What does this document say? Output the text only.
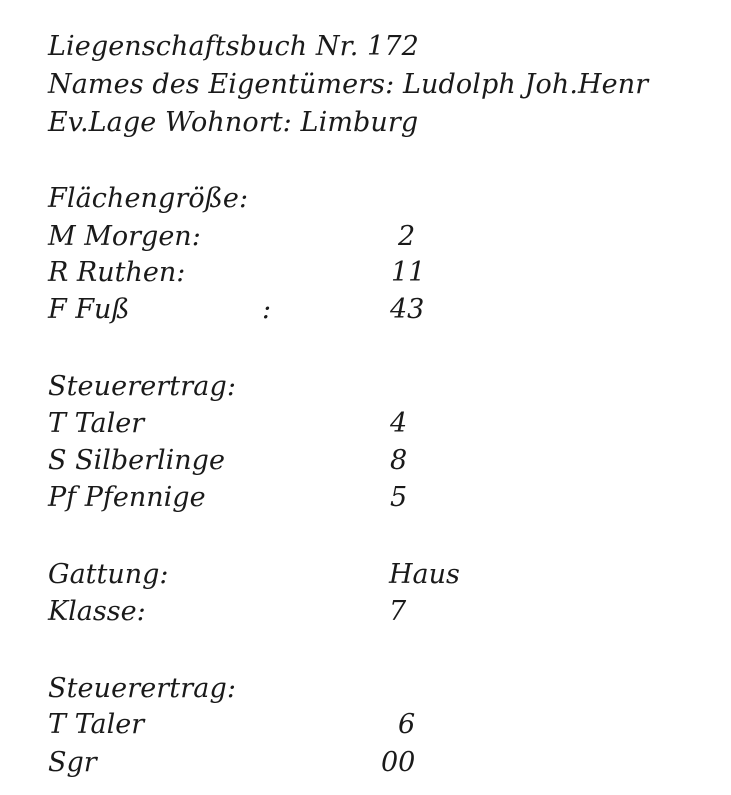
Liegenschaftsbuch Nr. 172
Names des Eigentümers: Ludolph Joh.Henr
Ev.Lage Wohnort: Limburg
Flächengröße:
M Morgen:	2
R Ruthen:	11
F Fuß	:	43
Steuerertrag:
T Taler	4
S Silberlinge	8
Pf Pfennige	5
Gattung:	Haus
Klasse:	7
Steuerertrag:
T Taler	6
Sgr	00
